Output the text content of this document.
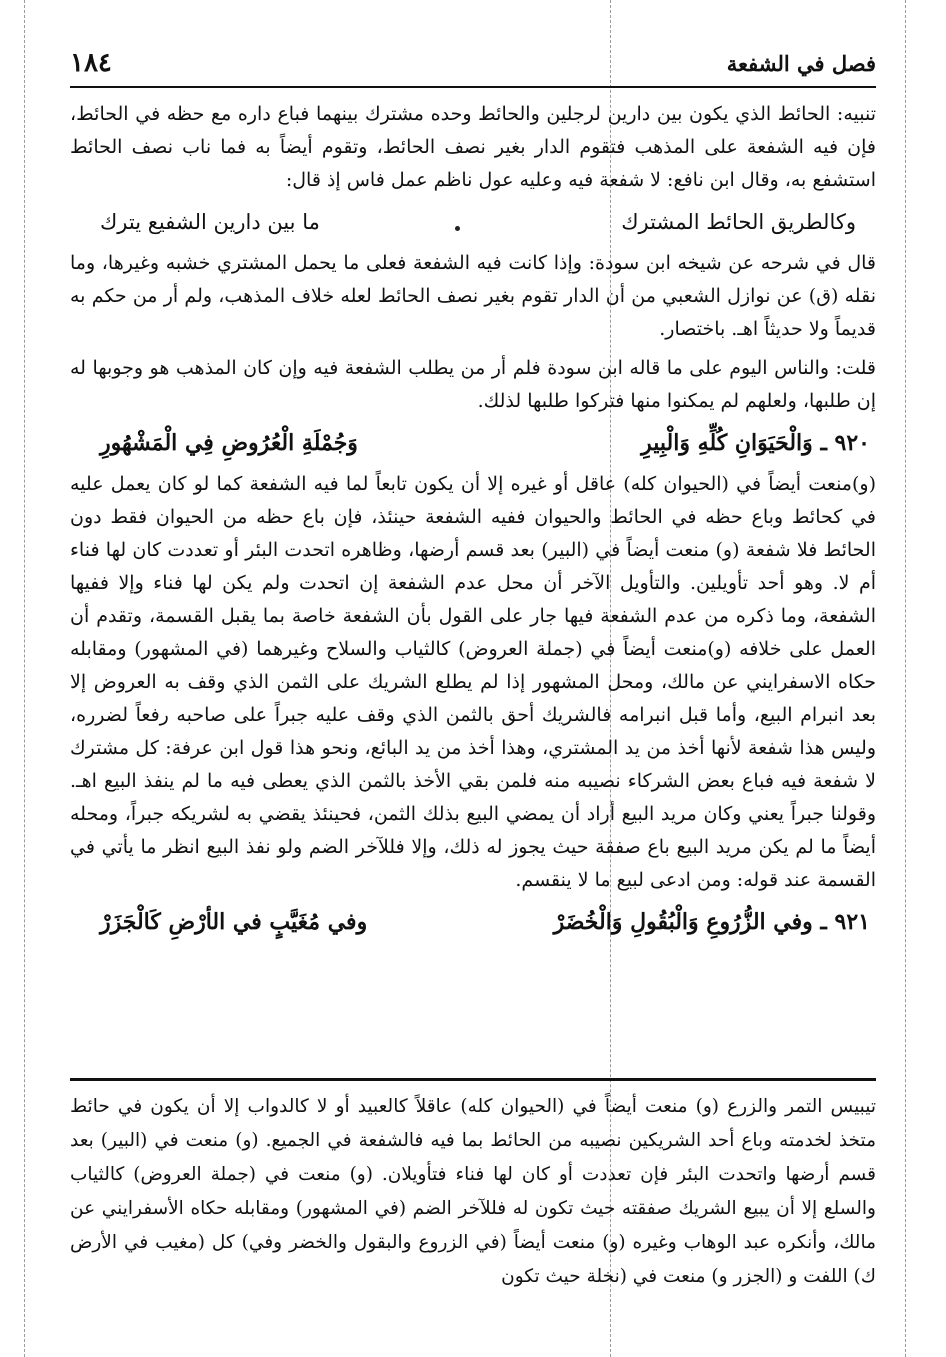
١٨٤	فصل في الشفعة

تنبيه: الحائط الذي يكون بين دارين لرجلين والحائط وحده مشترك بينهما فباع داره مع حظه في الحائط، فإن فيه الشفعة على المذهب فتقوم الدار بغير نصف الحائط، وتقوم أيضاً به فما ناب نصف الحائط استشفع به، وقال ابن نافع: لا شفعة فيه وعليه عول ناظم عمل فاس إذ قال:

وكالطريق الحائط المشترك
ما بين دارين الشفيع يترك

قال في شرحه عن شيخه ابن سودة: وإذا كانت فيه الشفعة فعلى ما يحمل المشتري خشبه وغيرها، وما نقله (ق) عن نوازل الشعبي من أن الدار تقوم بغير نصف الحائط لعله خلاف المذهب، ولم أر من حكم به قديماً ولا حديثاً اهـ. باختصار.

قلت: والناس اليوم على ما قاله ابن سودة فلم أر من يطلب الشفعة فيه وإن كان المذهب هو وجوبها له إن طلبها، ولعلهم لم يمكنوا منها فتركوا طلبها لذلك.

٩٢٠ ـ وَالْحَيَوَانِ كُلِّهِ وَالْبِيرِ
وَجُمْلَةِ الْعُرُوضِ فِي الْمَشْهُورِ

(و)منعت أيضاً في (الحيوان كله) عاقل أو غيره إلا أن يكون تابعاً لما فيه الشفعة كما لو كان يعمل عليه في كحائط وباع حظه في الحائط والحيوان ففيه الشفعة حينئذ، فإن باع حظه من الحيوان فقط دون الحائط فلا شفعة (و) منعت أيضاً في (البير) بعد قسم أرضها، وظاهره اتحدت البئر أو تعددت كان لها فناء أم لا. وهو أحد تأويلين. والتأويل الآخر أن محل عدم الشفعة إن اتحدت ولم يكن لها فناء وإلا ففيها الشفعة، وما ذكره من عدم الشفعة فيها جار على القول بأن الشفعة خاصة بما يقبل القسمة، وتقدم أن العمل على خلافه (و)منعت أيضاً في (جملة العروض) كالثياب والسلاح وغيرهما (في المشهور) ومقابله حكاه الاسفرايني عن مالك، ومحل المشهور إذا لم يطلع الشريك على الثمن الذي وقف به العروض إلا بعد انبرام البيع، وأما قبل انبرامه فالشريك أحق بالثمن الذي وقف عليه جبراً على صاحبه رفعاً لضرره، وليس هذا شفعة لأنها أخذ من يد المشتري، وهذا أخذ من يد البائع، ونحو هذا قول ابن عرفة: كل مشترك لا شفعة فيه فباع بعض الشركاء نصيبه منه فلمن بقي الأخذ بالثمن الذي يعطى فيه ما لم ينفذ البيع اهـ. وقولنا جبراً يعني وكان مريد البيع أراد أن يمضي البيع بذلك الثمن، فحينئذ يقضي به لشريكه جبراً، ومحله أيضاً ما لم يكن مريد البيع باع صفقة حيث يجوز له ذلك، وإلا فللآخر الضم ولو نفذ البيع انظر ما يأتي في القسمة عند قوله: ومن ادعى لبيع ما لا ينقسم.

٩٢١ ـ وفي الزُّرُوعِ وَالْبُقُولِ وَالْخُضَرْ
وفي مُغَيَّبٍ في الأرْضِ كَالْجَزَرْ
تيبيس التمر والزرع (و) منعت أيضاً في (الحيوان كله) عاقلاً كالعبيد أو لا كالدواب إلا أن يكون في حائط متخذ لخدمته وباع أحد الشريكين نصيبه من الحائط بما فيه فالشفعة في الجميع. (و) منعت في (البير) بعد قسم أرضها واتحدت البئر فإن تعددت أو كان لها فناء فتأويلان. (و) منعت في (جملة العروض) كالثياب والسلع إلا أن يبيع الشريك صفقته حيث تكون له فللآخر الضم (في المشهور) ومقابله حكاه الأسفرايني عن مالك، وأنكره عبد الوهاب وغيره (و) منعت أيضاً (في الزروع والبقول والخضر وفي) كل (مغيب في الأرض ك) اللفت و (الجزر و) منعت في (نخلة حيث تكون
